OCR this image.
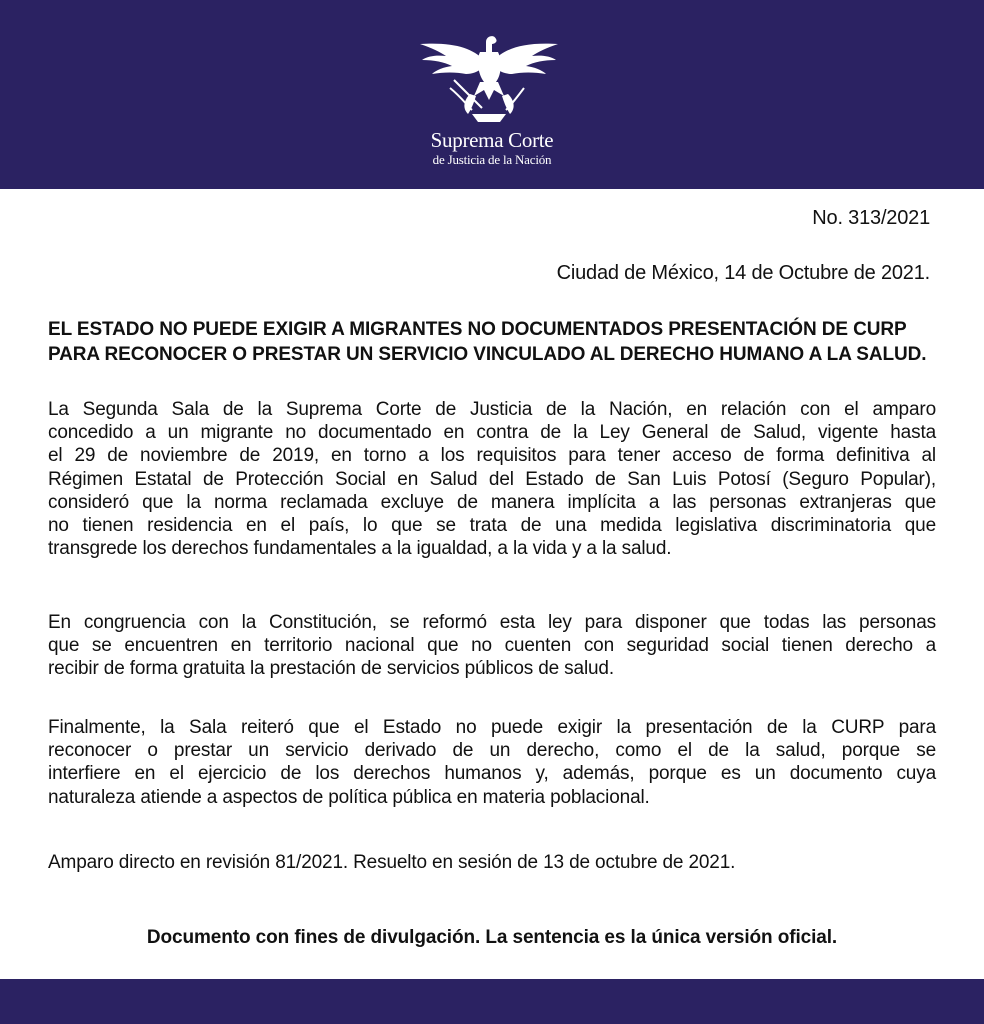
Suprema Corte
de Justicia de la Nación
No. 313/2021
Ciudad de México, 14 de Octubre de 2021.
EL ESTADO NO PUEDE EXIGIR A MIGRANTES NO DOCUMENTADOS PRESENTACIÓN DE CURP
PARA RECONOCER O PRESTAR UN SERVICIO VINCULADO AL DERECHO HUMANO A LA SALUD.

La Segunda Sala de la Suprema Corte de Justicia de la Nación, en relación con el amparo
concedido a un migrante no documentado en contra de la Ley General de Salud, vigente hasta
el 29 de noviembre de 2019, en torno a los requisitos para tener acceso de forma definitiva al
Régimen Estatal de Protección Social en Salud del Estado de San Luis Potosí (Seguro Popular),
consideró que la norma reclamada excluye de manera implícita a las personas extranjeras que
no tienen residencia en el país, lo que se trata de una medida legislativa discriminatoria que
transgrede los derechos fundamentales a la igualdad, a la vida y a la salud.

En congruencia con la Constitución, se reformó esta ley para disponer que todas las personas
que se encuentren en territorio nacional que no cuenten con seguridad social tienen derecho a
recibir de forma gratuita la prestación de servicios públicos de salud.

Finalmente, la Sala reiteró que el Estado no puede exigir la presentación de la CURP para
reconocer o prestar un servicio derivado de un derecho, como el de la salud, porque se
interfiere en el ejercicio de los derechos humanos y, además, porque es un documento cuya
naturaleza atiende a aspectos de política pública en materia poblacional.

Amparo directo en revisión 81/2021. Resuelto en sesión de 13 de octubre de 2021.

Documento con fines de divulgación. La sentencia es la única versión oficial.
